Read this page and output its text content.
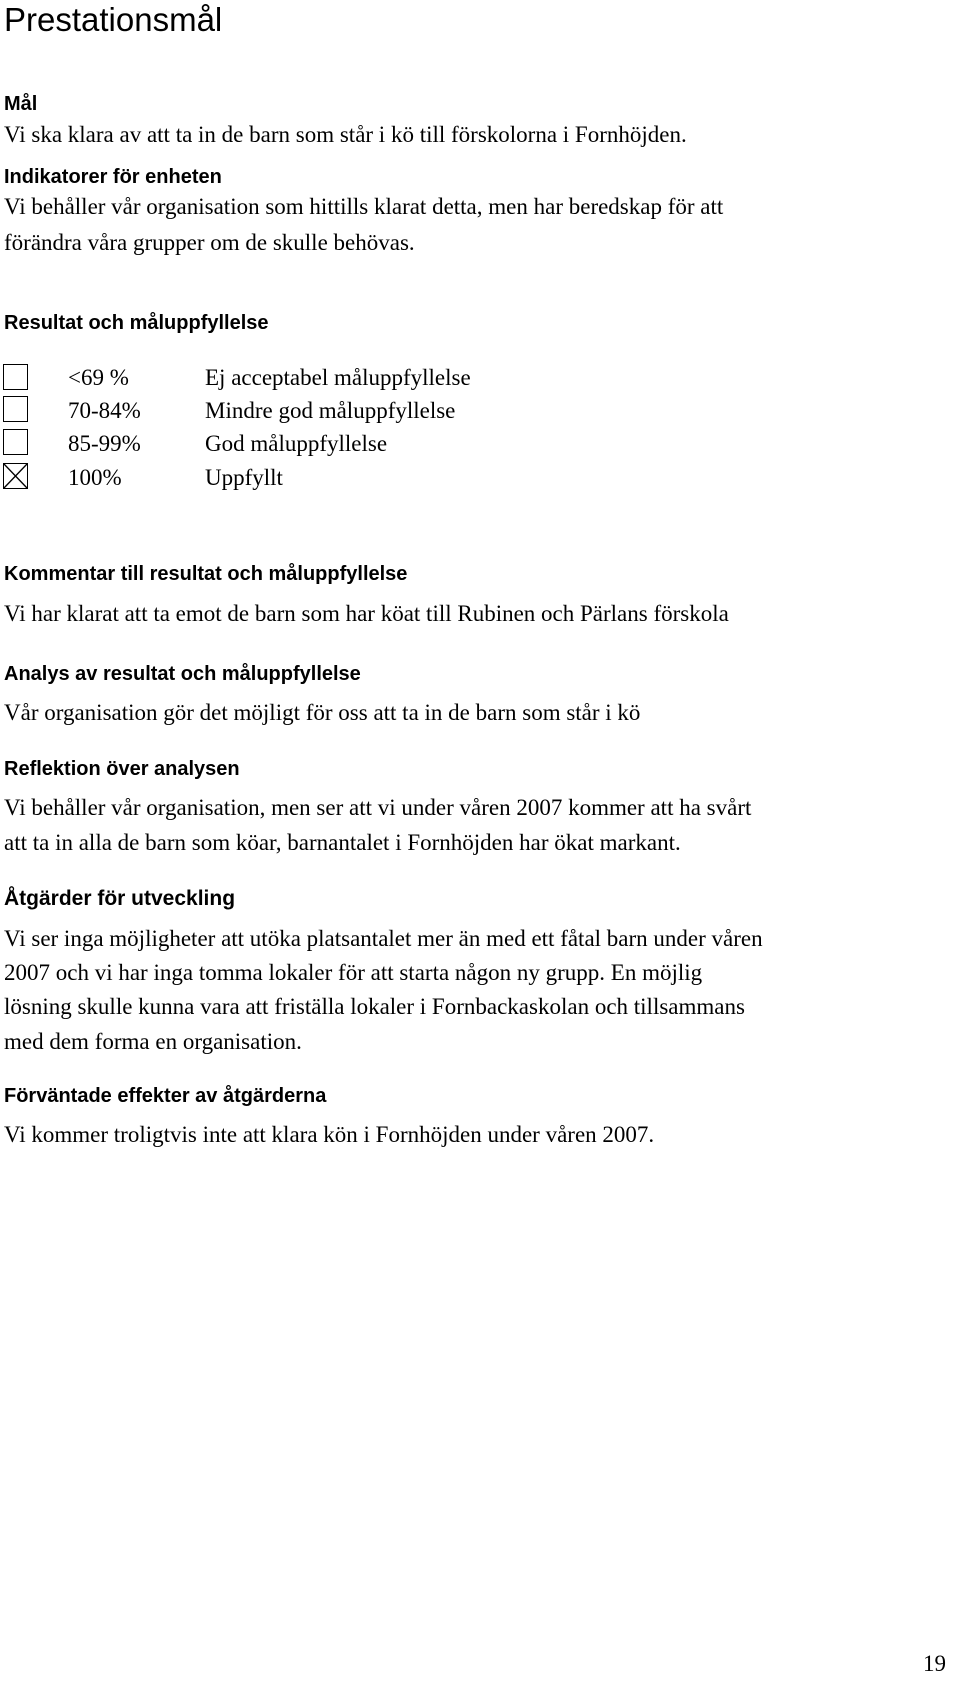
Prestationsmål
Mål
Vi ska klara av att ta in de barn som står i kö till förskolorna i Fornhöjden.
Indikatorer för enheten
Vi behåller vår organisation som hittills klarat detta, men har beredskap för att
förändra våra grupper om de skulle behövas.
Resultat och måluppfyllelse
<69 %	Ej acceptabel måluppfyllelse
70-84%	Mindre god måluppfyllelse
85-99%	God måluppfyllelse
100%	Uppfyllt
Kommentar till resultat och måluppfyllelse
Vi har klarat att ta emot de barn som har köat till Rubinen och Pärlans förskola
Analys av resultat och måluppfyllelse
Vår organisation gör det möjligt för oss att ta in de barn som står i kö
Reflektion över analysen
Vi behåller vår organisation, men ser att vi under våren 2007 kommer att ha svårt
att ta in alla de barn som köar, barnantalet i Fornhöjden har ökat markant.
Åtgärder för utveckling
Vi ser inga möjligheter att utöka platsantalet mer än med ett fåtal barn under våren
2007 och vi har inga tomma lokaler för att starta någon ny grupp. En möjlig
lösning skulle kunna vara att friställa lokaler i Fornbackaskolan och tillsammans
med dem forma en organisation.
Förväntade effekter av åtgärderna
Vi kommer troligtvis inte att klara kön i Fornhöjden under våren 2007.
19
